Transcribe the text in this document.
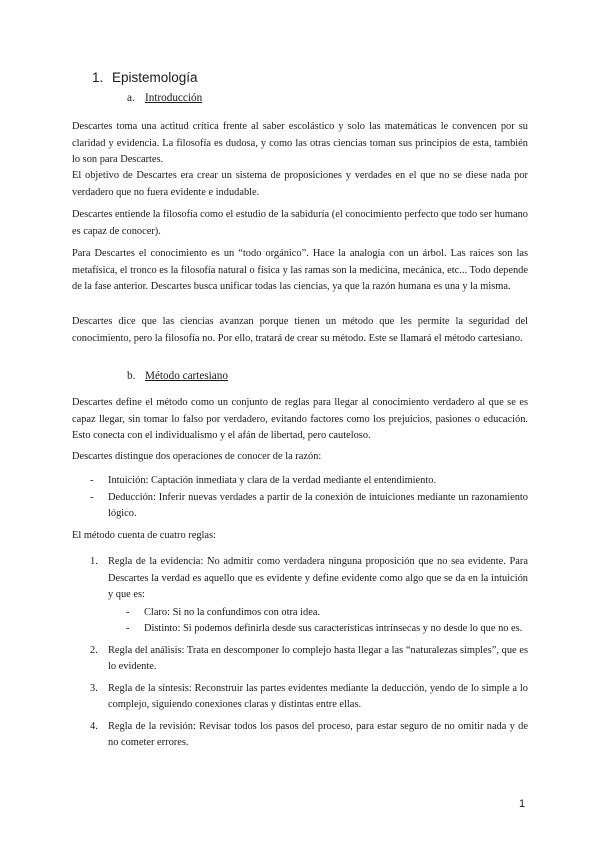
1. Epistemología
a. Introducción

Descartes toma una actitud crítica frente al saber escolástico y solo las matemáticas le convencen por su claridad y evidencia. La filosofía es dudosa, y como las otras ciencias toman sus principios de esta, también lo son para Descartes.

El objetivo de Descartes era crear un sistema de proposiciones y verdades en el que no se diese nada por verdadero que no fuera evidente e indudable.

Descartes entiende la filosofía como el estudio de la sabiduría (el conocimiento perfecto que todo ser humano es capaz de conocer).

Para Descartes el conocimiento es un “todo orgánico”. Hace la analogía con un árbol. Las raíces son las metafísica, el tronco es la filosofía natural o física y las ramas son la medicina, mecánica, etc... Todo depende de la fase anterior. Descartes busca unificar todas las ciencias, ya que la razón humana es una y la misma.

Descartes dice que las ciencias avanzan porque tienen un método que les permite la seguridad del conocimiento, pero la filosofía no. Por ello, tratará de crear su método. Este se llamará el método cartesiano.

b. Método cartesiano

Descartes define el método como un conjunto de reglas para llegar al conocimiento verdadero al que se es capaz llegar, sin tomar lo falso por verdadero, evitando factores como los prejuicios, pasiones o educación. Esto conecta con el individualismo y el afán de libertad, pero cauteloso.

Descartes distingue dos operaciones de conocer de la razón:

- Intuición: Captación inmediata y clara de la verdad mediante el entendimiento.
- Deducción: Inferir nuevas verdades a partir de la conexión de intuiciones mediante un razonamiento lógico.

El método cuenta de cuatro reglas:

1. Regla de la evidencia: No admitir como verdadera ninguna proposición que no sea evidente. Para Descartes la verdad es aquello que es evidente y define evidente como algo que se da en la intuición y que es:
- Claro: Si no la confundimos con otra idea.
- Distinto: Si podemos definirla desde sus características intrínsecas y no desde lo que no es.
2. Regla del análisis: Trata en descomponer lo complejo hasta llegar a las “naturalezas simples”, que es lo evidente.
3. Regla de la síntesis: Reconstruir las partes evidentes mediante la deducción, yendo de lo simple a lo complejo, siguiendo conexiones claras y distintas entre ellas.
4. Regla de la revisión: Revisar todos los pasos del proceso, para estar seguro de no omitir nada y de no cometer errores.
1
